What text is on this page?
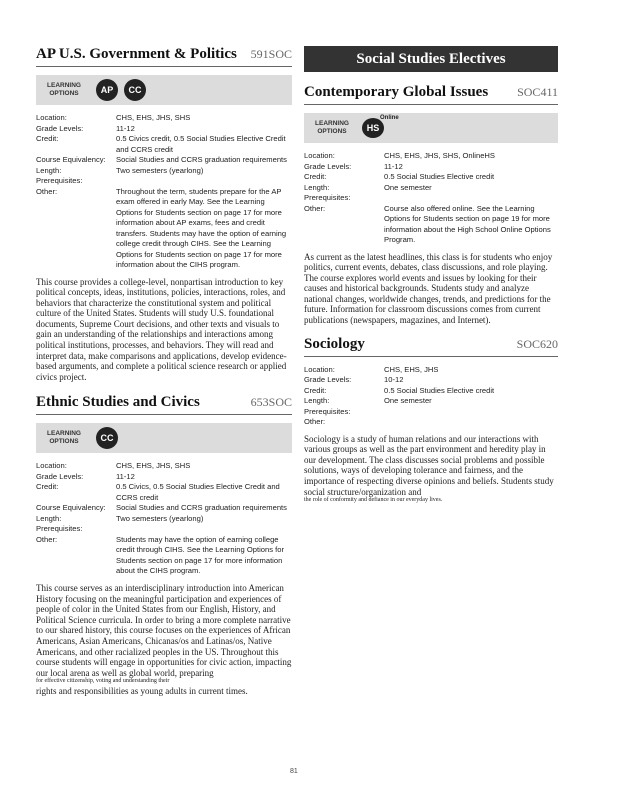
AP U.S. Government & Politics 591SOC
LEARNING
OPTIONS	AP	CC
Location:	CHS, EHS, JHS, SHS
Grade Levels:	11-12
Credit:	0.5 Civics credit, 0.5 Social Studies Elective Credit and CCRS credit
Course Equivalency:	Social Studies and CCRS graduation requirements
Length:	Two semesters (yearlong)
Prerequisites:
Other:	Throughout the term, students prepare for the AP exam offered in early May. See the Learning Options for Students section on page 17 for more information about AP exams, fees and credit transfers. Students may have the option of earning college credit through CIHS. See the Learning Options for Students section on page 17 for more information about the CIHS program.

This course provides a college-level, nonpartisan introduction to key political concepts, ideas, institutions, policies, interactions, roles, and behaviors that characterize the constitutional system and political culture of the United States. Students will study U.S. foundational documents, Supreme Court decisions, and other texts and visuals to gain an understanding of the relationships and interactions among political institutions, processes, and behaviors. They will read and interpret data, make comparisons and applications, develop evidence-based arguments, and complete a political science research or applied civics project.

Ethnic Studies and Civics	653SOC
LEARNING
OPTIONS	CC
Location:	CHS, EHS, JHS, SHS
Grade Levels:	11-12
Credit:	0.5 Civics, 0.5 Social Studies Elective Credit and CCRS credit
Course Equivalency:	Social Studies and CCRS graduation requirements
Length:	Two semesters (yearlong)
Prerequisites:
Other:	Students may have the option of earning college credit through CIHS. See the Learning Options for Students section on page 17 for more information about the CIHS program.
This course serves as an interdisciplinary introduction into American History focusing on the meaningful participation and experiences of people of color in the United States from our English, History, and Political Science curricula. In order to bring a more complete narrative to our shared history, this course focuses on the experiences of African Americans, Asian Americans, Chicanas/os and Latinas/os, Native Americans, and other racialized peoples in the US. Throughout this course students will engage in opportunities for civic action, impacting our local arena as well as global world, preparing
for effective citizenship, voting and understanding their
rights and responsibilities as young adults in current times.
Social Studies Electives
Contemporary Global Issues SOC411
LEARNING
OPTIONS	HS
Online
Location:	CHS, EHS, JHS, SHS, OnlineHS
Grade Levels:	11-12
Credit:	0.5 Social Studies Elective credit
Length:	One semester
Prerequisites:
Other:	Course also offered online. See the Learning Options for Students section on page 19 for more information about the High School Online Options Program.

As current as the latest headlines, this class is for students who enjoy politics, current events, debates, class discussions, and role playing. The course explores world events and issues by looking for their causes and historical backgrounds. Students study and analyze national changes, worldwide changes, trends, and predictions for the future. Information for classroom discussions comes from current publications (newspapers, magazines, and Internet).

Sociology	SOC620
Location:	CHS, EHS, JHS
Grade Levels:	10-12
Credit:	0.5 Social Studies Elective credit
Length:	One semester
Prerequisites:
Other:
Sociology is a study of human relations and our interactions with various groups as well as the part environment and heredity play in our development. The class discusses social problems and possible solutions, ways of developing tolerance and fairness, and the importance of respecting diverse opinions and beliefs. Students study social structure/organization and
the role of conformity and defiance in our everyday lives.
81
